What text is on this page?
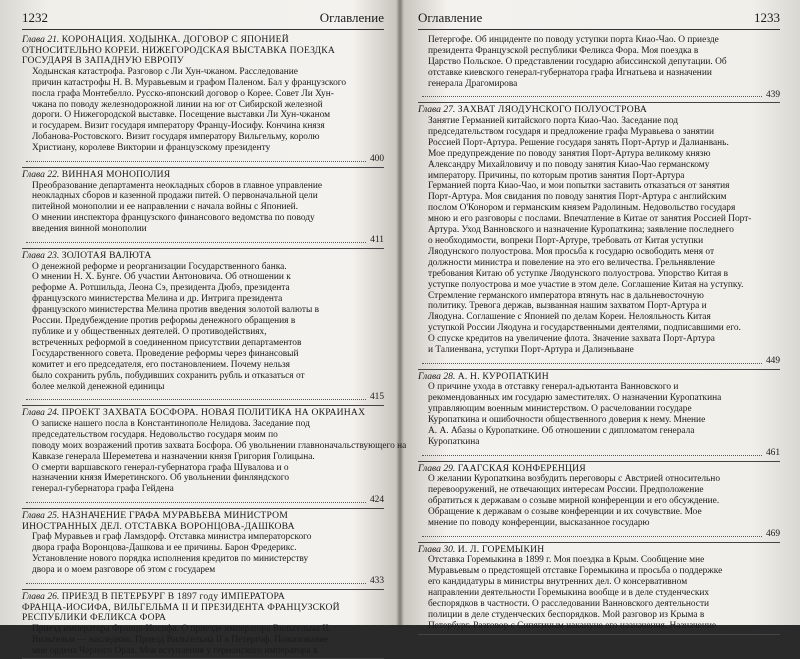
1232	Оглавление
Глава 21. КОРОНАЦИЯ. ХОДЫНКА. ДОГОВОР С ЯПОНИЕЙ
ОТНОСИТЕЛЬНО КОРЕИ. НИЖЕГОРОДСКАЯ ВЫСТАВКА ПОЕЗДКА
ГОСУДАРЯ В ЗАПАДНУЮ ЕВРОПУ
Ходынская катастрофа. Разговор с Ли Хун-чжаном. Расследование
причин катастрофы Н. В. Муравьевым и графом Паленом. Бал у французского
посла графа Монтебелло. Русско-японский договор о Корее. Совет Ли Хун-
чжана по поводу железнодорожной линии на юг от Сибирской железной
дороги. О Нижегородской выставке. Посещение выставки Ли Хун-чжаном
и государем. Визит государя императору Францу-Иосифу. Кончина князя
Лобанова-Ростовского. Визит государя императору Вильгельму, королю
Христиану, королеве Виктории и французскому президенту
400
Глава 22. ВИННАЯ МОНОПОЛИЯ
Преобразование департамента неокладных сборов в главное управление
неокладных сборов и казенной продажи питей. О первоначальной цели
питейной монополии и ее направлении с начала войны с Японией.
О мнении инспектора французского финансового ведомства по поводу
введения винной монополии
411
Глава 23. ЗОЛОТАЯ ВАЛЮТА
О денежной реформе и реорганизации Государственного банка.
О мнении Н. Х. Бунге. Об участии Антоновича. Об отношении к
реформе А. Ротшильда, Леона Сэ, президента Дюбэ, президента
французского министерства Мелина и др. Интрига президента
французского министерства Мелина против введения золотой валюты в
России. Предубеждение против реформы денежного обращения в
публике и у общественных деятелей. О противодействиях,
встреченных реформой в соединенном присутствии департаментов
Государственного совета. Проведение реформы через финансовый
комитет и его председателя, его постановлением. Почему нельзя
было сохранить рубль, побудивших сохранить рубль и отказаться от
более мелкой денежной единицы
415
Глава 24. ПРОЕКТ ЗАХВАТА БОСФОРА. НОВАЯ ПОЛИТИКА НА ОКРАИНАХ
О записке нашего посла в Константинополе Нелидова. Заседание под
председательством государя. Недовольство государя моим по
поводу моих возражений против захвата Босфора. Об увольнении главноначальствующего на
Кавказе генерала Шереметева и назначении князя Григория Голицына.
О смерти варшавского генерал-губернатора графа Шувалова и о
назначении князя Имеретинского. Об увольнении финляндского
генерал-губернатора графа Гейдена
424
Глава 25. НАЗНАЧЕНИЕ ГРАФА МУРАВЬЕВА МИНИСТРОМ
ИНОСТРАННЫХ ДЕЛ. ОТСТАВКА ВОРОНЦОВА-ДАШКОВА
Граф Муравьев и граф Ламздорф. Отставка министра императорского
двора графа Воронцова-Дашкова и ее причины. Барон Фредерикс.
Установление нового порядка исполнения кредитов по министерству
двора и о моем разговоре об этом с государем
433
Глава 26. ПРИЕЗД В ПЕТЕРБУРГ В 1897 году ИМПЕРАТОРА
ФРАНЦА-ИОСИФА, ВИЛЬГЕЛЬМА II И ПРЕЗИДЕНТА ФРАНЦУЗСКОЙ
РЕСПУБЛИКИ ФЕЛИКСА ФОРА
Приезд императора Франца-Иосифа. О приезде императора Вильгельма II.
Вильгельм — наследник. Приезд Вильгельма II в Петергоф. Пожалование
мне ордена Черного Орла. Моя вступления у германского императора в
Оглавление	1233
Петергофе. Об инциденте по поводу уступки порта Киао-Чао. О приезде
президента Французской республики Феликса Фора. Моя поездка в
Царство Польское. О представлении государю абиссинской депутации. Об
отставке киевского генерал-губернатора графа Игнатьева и назначении
генерала Драгомирова
439
Глава 27. ЗАХВАТ ЛЯОДУНСКОГО ПОЛУОСТРОВА
Занятие Германией китайского порта Киао-Чао. Заседание под
председательством государя и предложение графа Муравьева о занятии
Россией Порт-Артура. Решение государя занять Порт-Артур и Далианвань.
Мое предупреждение по поводу занятия Порт-Артура великому князю
Александру Михайловичу и по поводу занятия Киао-Чао германскому
императору. Причины, по которым против занятия Порт-Артура
Германией порта Киао-Чао, и мои попытки заставить отказаться от занятия
Порт-Артура. Моя свидания по поводу занятия Порт-Артура с английским
послом О'Конором и германским князем Радолиным. Недовольство государя
мною и его разговоры с послами. Впечатление в Китае от занятия Россией Порт-
Артура. Уход Ванновского и назначение Куропаткина; заявление последнего
о необходимости, вопреки Порт-Артуре, требовать от Китая уступки
Ляодунского полуострова. Моя просьба к государю освободить меня от
должности министра и повеление на это его величества. Грельнявление
требования Китаю об уступке Ляодунского полуострова. Упорство Китая в
уступке полуострова и мое участие в этом деле. Соглашение Китая на уступку.
Стремление германского императора втянуть нас в дальневосточную
политику. Тревога держав, вызванная нашим захватом Порт-Артура и
Ляодуна. Соглашение с Японией по делам Кореи. Нелояльность Китая
уступкой России Ляодуна и государственными деятелями, подписавшими его.
О спуске кредитов на увеличение флота. Значение захвата Порт-Артура
и Талиенвана, уступки Порт-Артура и Далиэньване
449
Глава 28. А. Н. КУРОПАТКИН
О причине ухода в отставку генерал-адъютанта Ванновского и
рекомендованных им государю заместителях. О назначении Куропаткина
управляющим военным министерством. О расчеловании государе
Куропаткина и ошибочности общественного доверия к нему. Мнение
А. А. Абазы о Куропаткине. Об отношении с дипломатом генерала
Куропаткина
461
Глава 29. ГААГСКАЯ КОНФЕРЕНЦИЯ
О желании Куропаткина возбудить переговоры с Австрией относительно
перевооружений, не отвечающих интересам России. Предположение
обратиться к державам о созыве мирной конференции и его обсуждение.
Обращение к державам о созыве конференции и их сочувствие. Мое
мнение по поводу конференции, высказанное государю
469
Глава 30. И. Л. ГОРЕМЫКИН
Отставка Горемыкина в 1899 г. Моя поездка в Крым. Сообщение мне
Муравьевым о предстоящей отставке Горемыкина и просьба о поддержке
его кандидатуры в министры внутренних дел. О консервативном
направлении деятельности Горемыкина вообще и в деле студенческих
беспорядков в частности. О расследовании Ванновского деятельности
полиции в деле студенческих беспорядков. Мой разговор из Крыма в
Петербург. Разговор с Сипягиным накануне его назначения. Назначение
